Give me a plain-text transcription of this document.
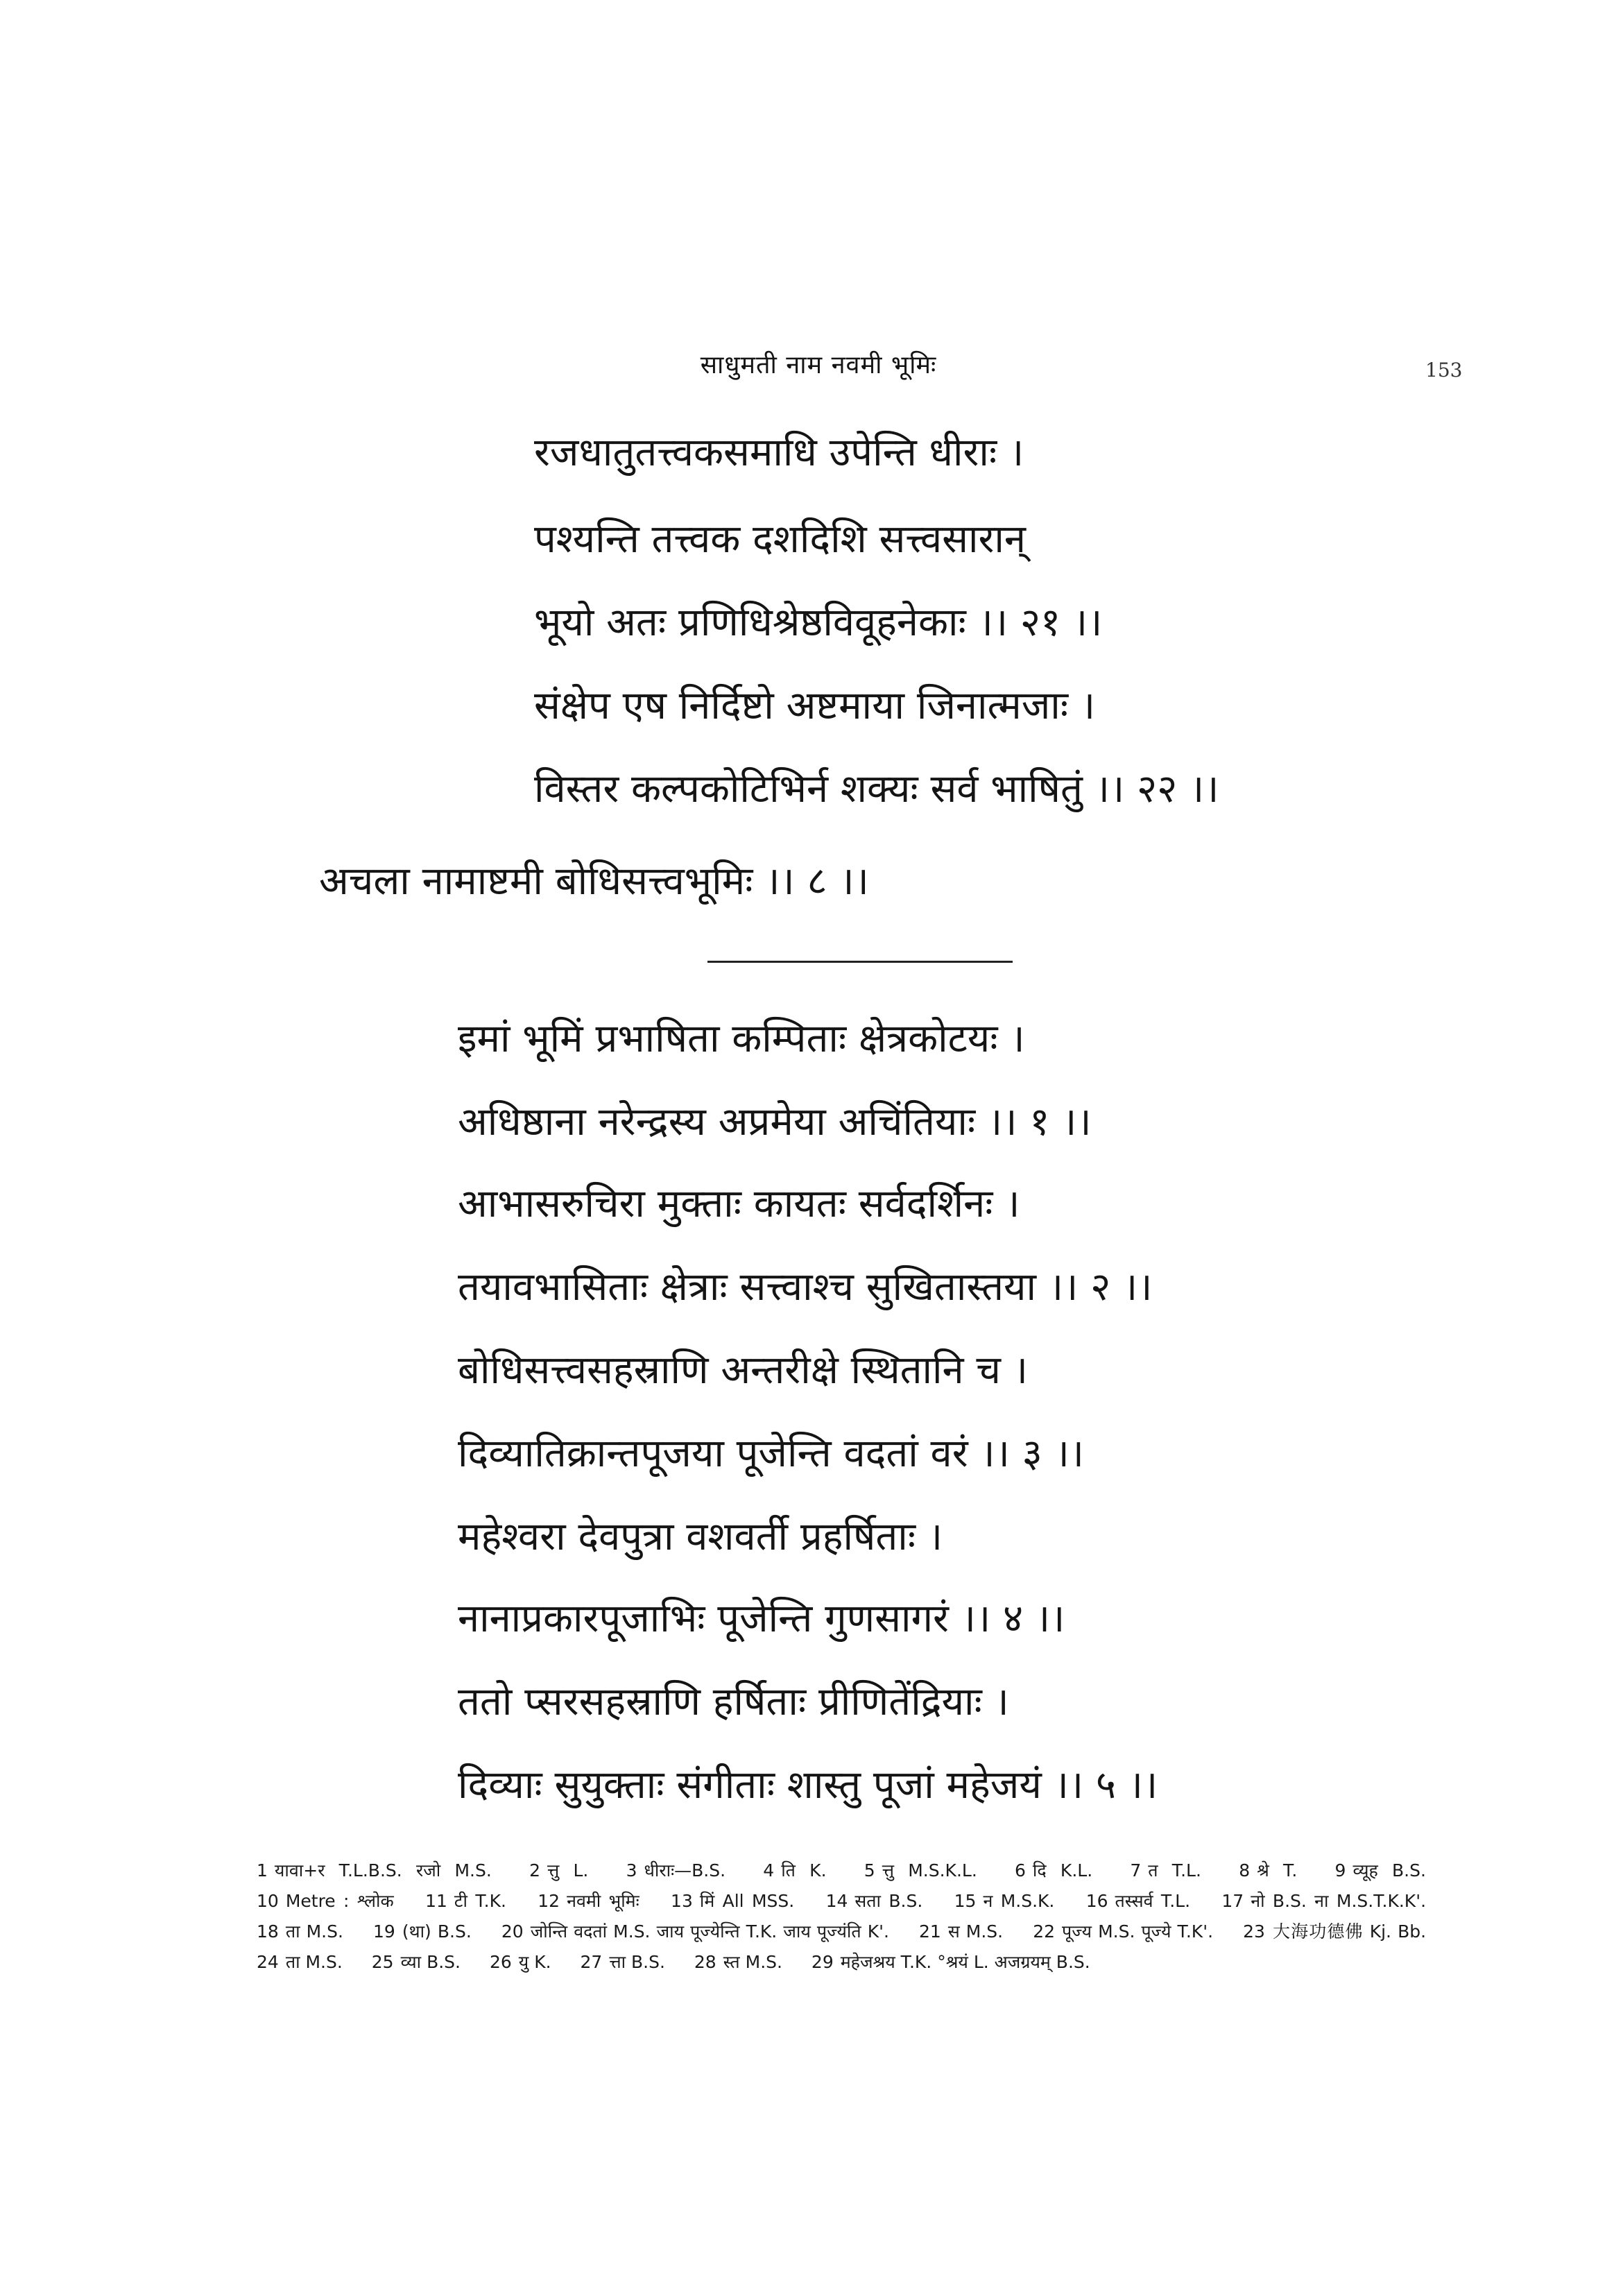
साधुमती नाम नवमी भूमिः	153
रजधातुतत्त्वकसमाधि उपेन्ति धीराः ।
पश्यन्ति तत्त्वक दशदिशि सत्त्वसारान्
भूयो अतः प्रणिधिश्रेष्ठविवूहनेकाः ।। २१ ।।
संक्षेप एष निर्दिष्टो अष्टमाया जिनात्मजाः ।
विस्तर कल्पकोटिभिर्न शक्यः सर्व भाषितुं ।। २२ ।।
अचला नामाष्टमी बोधिसत्त्वभूमिः ।। ८ ।।
इमां भूमिं प्रभाषिता कम्पिताः क्षेत्रकोटयः ।
अधिष्ठाना नरेन्द्रस्य अप्रमेया अचिंतियाः ।। १ ।।
आभासरुचिरा मुक्ताः कायतः सर्वदर्शिनः ।
तयावभासिताः क्षेत्राः सत्त्वाश्च सुखितास्तया ।। २ ।।
बोधिसत्त्वसहस्राणि अन्तरीक्षे स्थितानि च ।
दिव्यातिक्रान्तपूजया पूजेन्ति वदतां वरं ।। ३ ।।
महेश्वरा देवपुत्रा वशवर्ती प्रहर्षिताः ।
नानाप्रकारपूजाभिः पूजेन्ति गुणसागरं ।। ४ ।।
ततो प्सरसहस्राणि हर्षिताः प्रीणितेंद्रियाः ।
दिव्याः सुयुक्ताः संगीताः शास्तु पूजां महेजयं ।। ५ ।।
1 यावा+र T.L.B.S. रजो M.S. 2 त्तु L. 3 धीराः—B.S. 4 ति K. 5 त्तु M.S.K.L. 6 दि K.L. 7 त T.L. 8 श्रे T. 9 व्यूह B.S. 10 Metre : श्लोक 11 टी T.K. 12 नवमी भूमिः 13 मिं All MSS. 14 सता B.S. 15 न M.S.K. 16 तस्सर्व T.L. 17 नो B.S. ना M.S.T.K.K'. 18 ता M.S. 19 (था) B.S. 20 जोन्ति वदतां M.S. जाय पूज्येन्ति T.K. जाय पूज्यंति K'. 21 स M.S. 22 पूज्य M.S. पूज्ये T.K'. 23 大海功德佛 Kj. Bb. 24 ता M.S. 25 व्या B.S. 26 यु K. 27 त्ता B.S. 28 स्त M.S. 29 महेजश्रय T.K. °श्रयं L. अजग्रयम् B.S.
